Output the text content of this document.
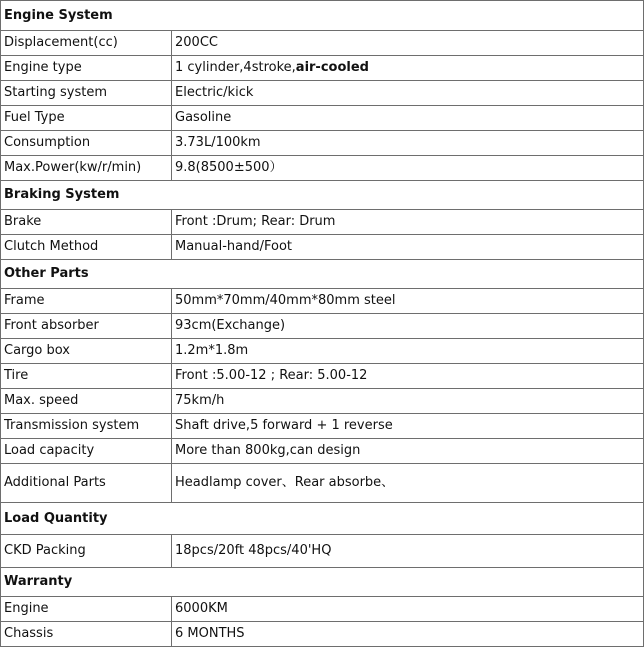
Engine System	
Displacement(cc)	200CC
Engine type	1 cylinder,4stroke,air-cooled
Starting system	Electric/kick
Fuel Type	Gasoline
Consumption	3.73L/100km
Max.Power(kw/r/min)	9.8(8500±500）
Braking System	
Brake	Front :Drum; Rear: Drum
Clutch Method	Manual-hand/Foot
Other Parts	
Frame	50mm*70mm/40mm*80mm steel
Front absorber	93cm(Exchange)
Cargo box	1.2m*1.8m
Tire	Front :5.00-12 ; Rear: 5.00-12
Max. speed	75km/h
Transmission system	Shaft drive,5 forward + 1 reverse
Load capacity	More than 800kg,can design
Additional Parts	Headlamp cover、Rear absorbe、
Load Quantity	
CKD Packing	18pcs/20ft 48pcs/40'HQ
Warranty	
Engine	6000KM
Chassis	6 MONTHS
